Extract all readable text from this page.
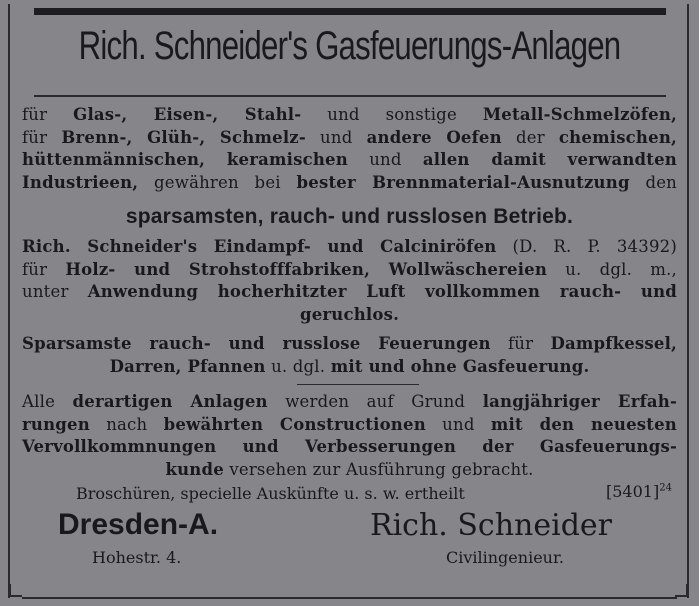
Rich. Schneider's Gasfeuerungs-Anlagen
für Glas-, Eisen-, Stahl- und sonstige Metall-Schmelzöfen,
für Brenn-, Glüh-, Schmelz- und andere Oefen der chemischen,
hüttenmännischen, keramischen und allen damit verwandten
Industrieen, gewähren bei bester Brennmaterial-Ausnutzung den
sparsamsten, rauch- und russlosen Betrieb.
Rich. Schneider's Eindampf- und Calciniröfen (D. R. P. 34392)
für Holz- und Strohstofffabriken, Wollwäschereien u. dgl. m.,
unter Anwendung hocherhitzter Luft vollkommen rauch- und
geruchlos.
Sparsamste rauch- und russlose Feuerungen für Dampfkessel,
Darren, Pfannen u. dgl. mit und ohne Gasfeuerung.
Alle derartigen Anlagen werden auf Grund langjähriger Erfah-
rungen nach bewährten Constructionen und mit den neuesten
Vervollkommnungen und Verbesserungen der Gasfeuerungs-
kunde versehen zur Ausführung gebracht.
Broschüren, specielle Auskünfte u. s. w. ertheilt	$[5401]^{24}$
Dresden-A.
Hohestr. 4.
Rich. Schneider
Civilingenieur.
